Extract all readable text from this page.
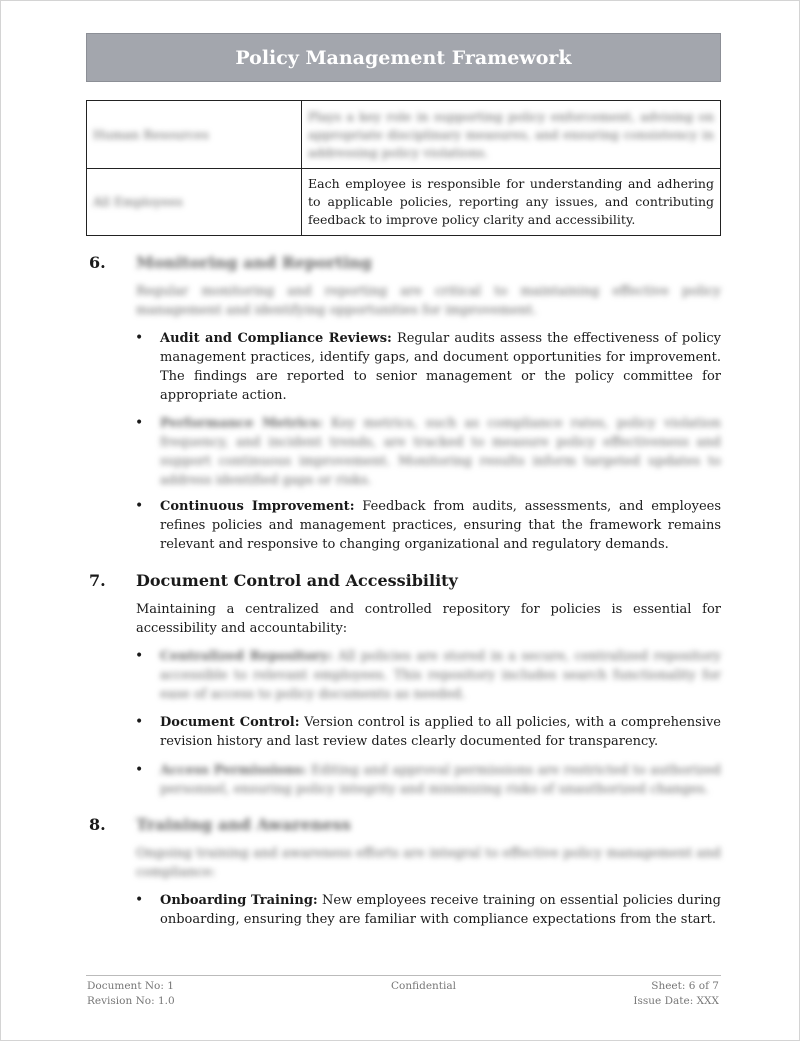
Policy Management Framework
Human Resources	Plays a key role in supporting policy enforcement, advising on appropriate disciplinary measures, and ensuring consistency in addressing policy violations.
All Employees	Each employee is responsible for understanding and adhering to applicable policies, reporting any issues, and contributing feedback to improve policy clarity and accessibility.
6. Monitoring and Reporting
Regular monitoring and reporting are critical to maintaining effective policy management and identifying opportunities for improvement.
• Audit and Compliance Reviews: Regular audits assess the effectiveness of policy management practices, identify gaps, and document opportunities for improvement. The findings are reported to senior management or the policy committee for appropriate action.
• Performance Metrics: Key metrics, such as compliance rates, policy violation frequency, and incident trends, are tracked to measure policy effectiveness and support continuous improvement. Monitoring results inform targeted updates to address identified gaps or risks.
• Continuous Improvement: Feedback from audits, assessments, and employees refines policies and management practices, ensuring that the framework remains relevant and responsive to changing organizational and regulatory demands.
7. Document Control and Accessibility
Maintaining a centralized and controlled repository for policies is essential for accessibility and accountability:
• Centralized Repository: All policies are stored in a secure, centralized repository accessible to relevant employees. This repository includes search functionality for ease of access to policy documents as needed.
• Document Control: Version control is applied to all policies, with a comprehensive revision history and last review dates clearly documented for transparency.
• Access Permissions: Editing and approval permissions are restricted to authorized personnel, ensuring policy integrity and minimizing risks of unauthorized changes.
8. Training and Awareness
Ongoing training and awareness efforts are integral to effective policy management and compliance:
• Onboarding Training: New employees receive training on essential policies during onboarding, ensuring they are familiar with compliance expectations from the start.
Document No: 1
Revision No: 1.0
Confidential	Sheet: 6 of 7
Issue Date: XXX
